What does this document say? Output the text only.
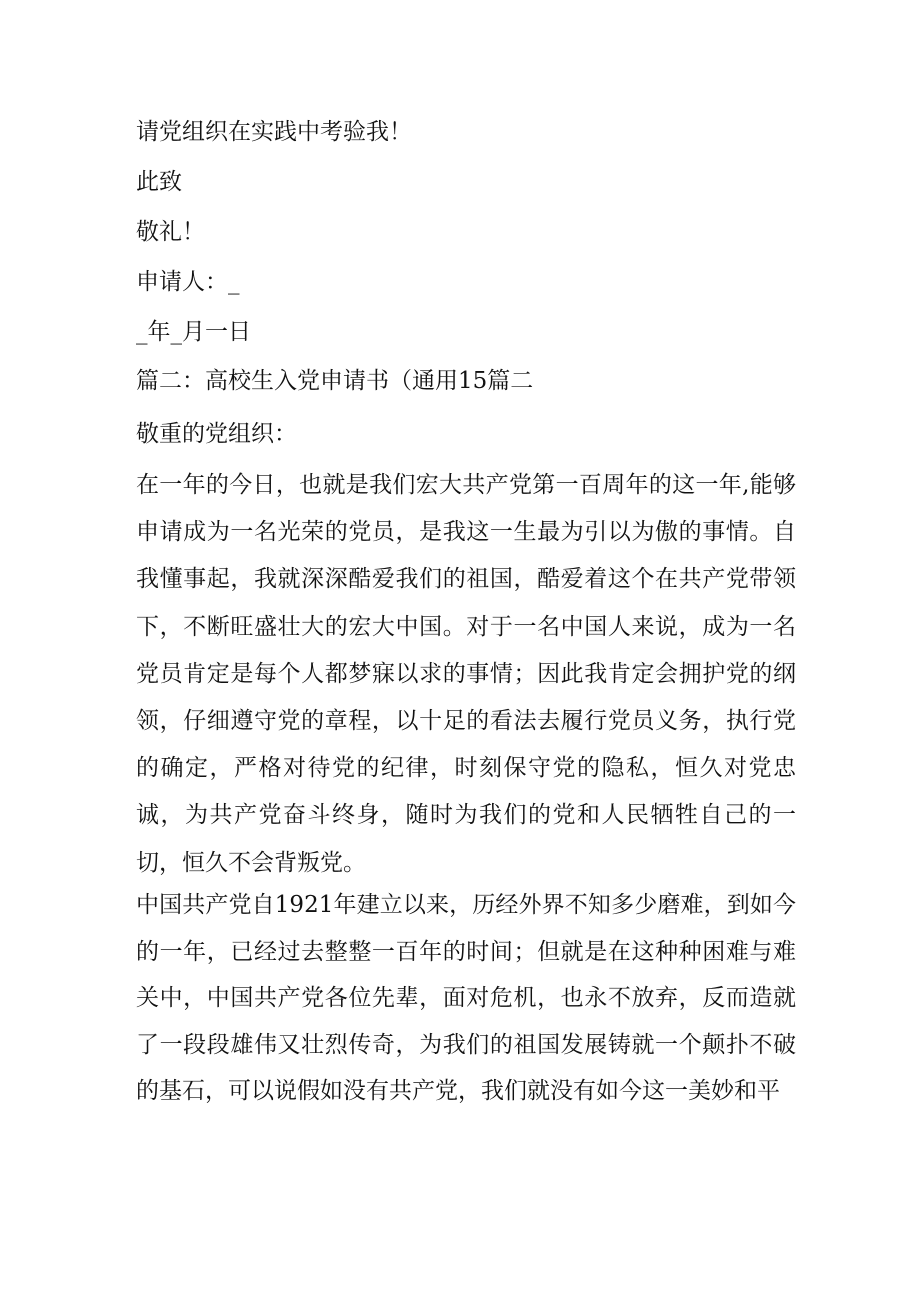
请党组织在实践中考验我！

此致

敬礼！

申请人：_

_年_月一日

篇二：高校生入党申请书（通用15篇二

敬重的党组织：

在一年的今日，也就是我们宏大共产党第一百周年的这一年,能够申请成为一名光荣的党员，是我这一生最为引以为傲的事情。自我懂事起，我就深深酷爱我们的祖国，酷爱着这个在共产党带领下，不断旺盛壮大的宏大中国。对于一名中国人来说，成为一名党员肯定是每个人都梦寐以求的事情；因此我肯定会拥护党的纲领，仔细遵守党的章程，以十足的看法去履行党员义务，执行党的确定，严格对待党的纪律，时刻保守党的隐私，恒久对党忠诚，为共产党奋斗终身，随时为我们的党和人民牺牲自己的一切，恒久不会背叛党。

中国共产党自1921年建立以来，历经外界不知多少磨难，到如今的一年，已经过去整整一百年的时间；但就是在这种种困难与难关中，中国共产党各位先辈，面对危机，也永不放弃，反而造就了一段段雄伟又壮烈传奇，为我们的祖国发展铸就一个颠扑不破的基石，可以说假如没有共产党，我们就没有如今这一美妙和平
